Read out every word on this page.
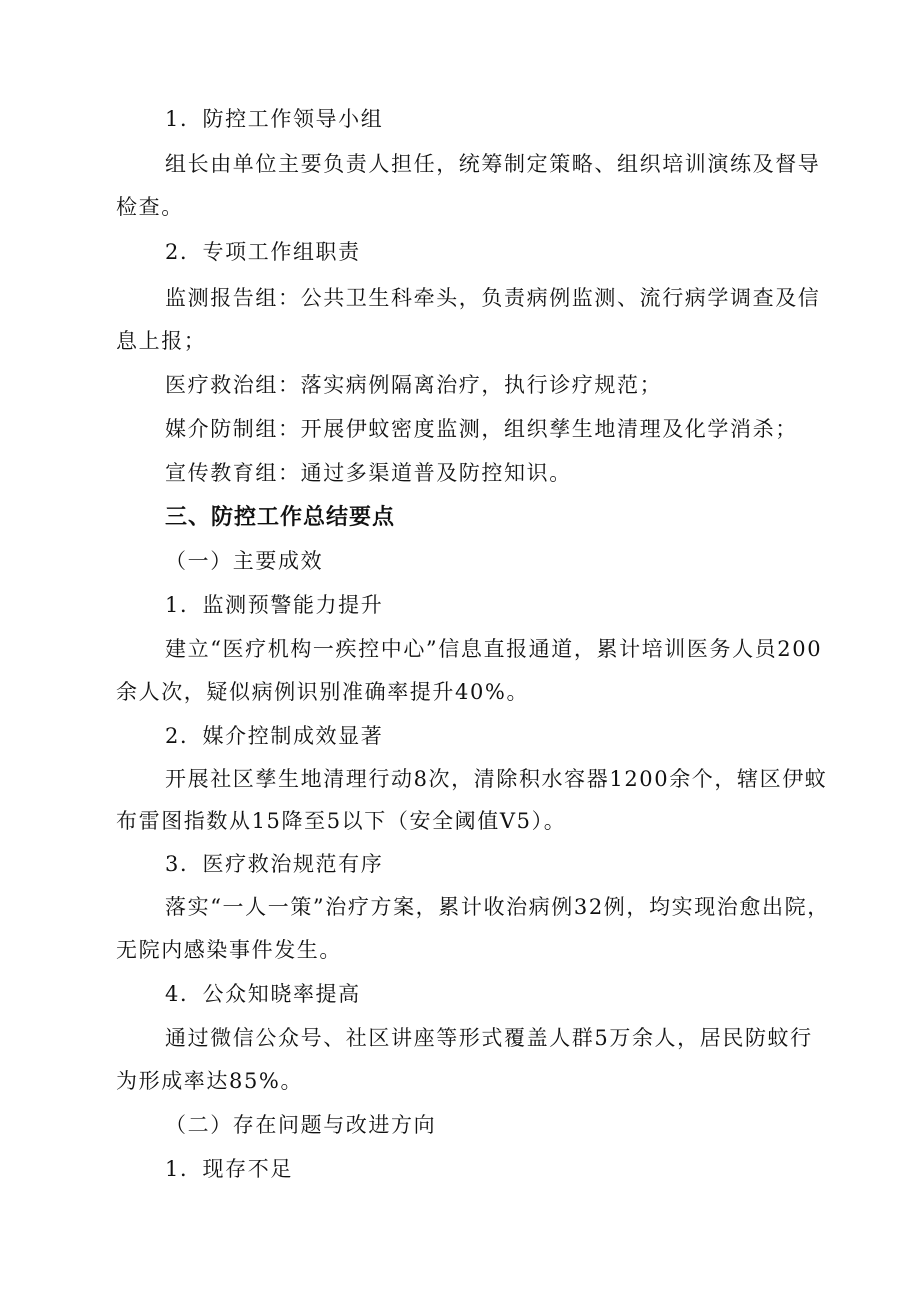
1．防控工作领导小组
组长由单位主要负责人担任，统筹制定策略、组织培训演练及督导
检查。
2．专项工作组职责
监测报告组：公共卫生科牵头，负责病例监测、流行病学调查及信
息上报；
医疗救治组：落实病例隔离治疗，执行诊疗规范；
媒介防制组：开展伊蚊密度监测，组织孳生地清理及化学消杀；
宣传教育组：通过多渠道普及防控知识。
三、防控工作总结要点
（一）主要成效
1．监测预警能力提升
建立“医疗机构一疾控中心”信息直报通道，累计培训医务人员200
余人次，疑似病例识别准确率提升40%。
2．媒介控制成效显著
开展社区孳生地清理行动8次，清除积水容器1200余个，辖区伊蚊
布雷图指数从15降至5以下（安全阈值V5）。
3．医疗救治规范有序
落实“一人一策”治疗方案，累计收治病例32例，均实现治愈出院，
无院内感染事件发生。
4．公众知晓率提高
通过微信公众号、社区讲座等形式覆盖人群5万余人，居民防蚊行
为形成率达85%。
（二）存在问题与改进方向
1．现存不足
